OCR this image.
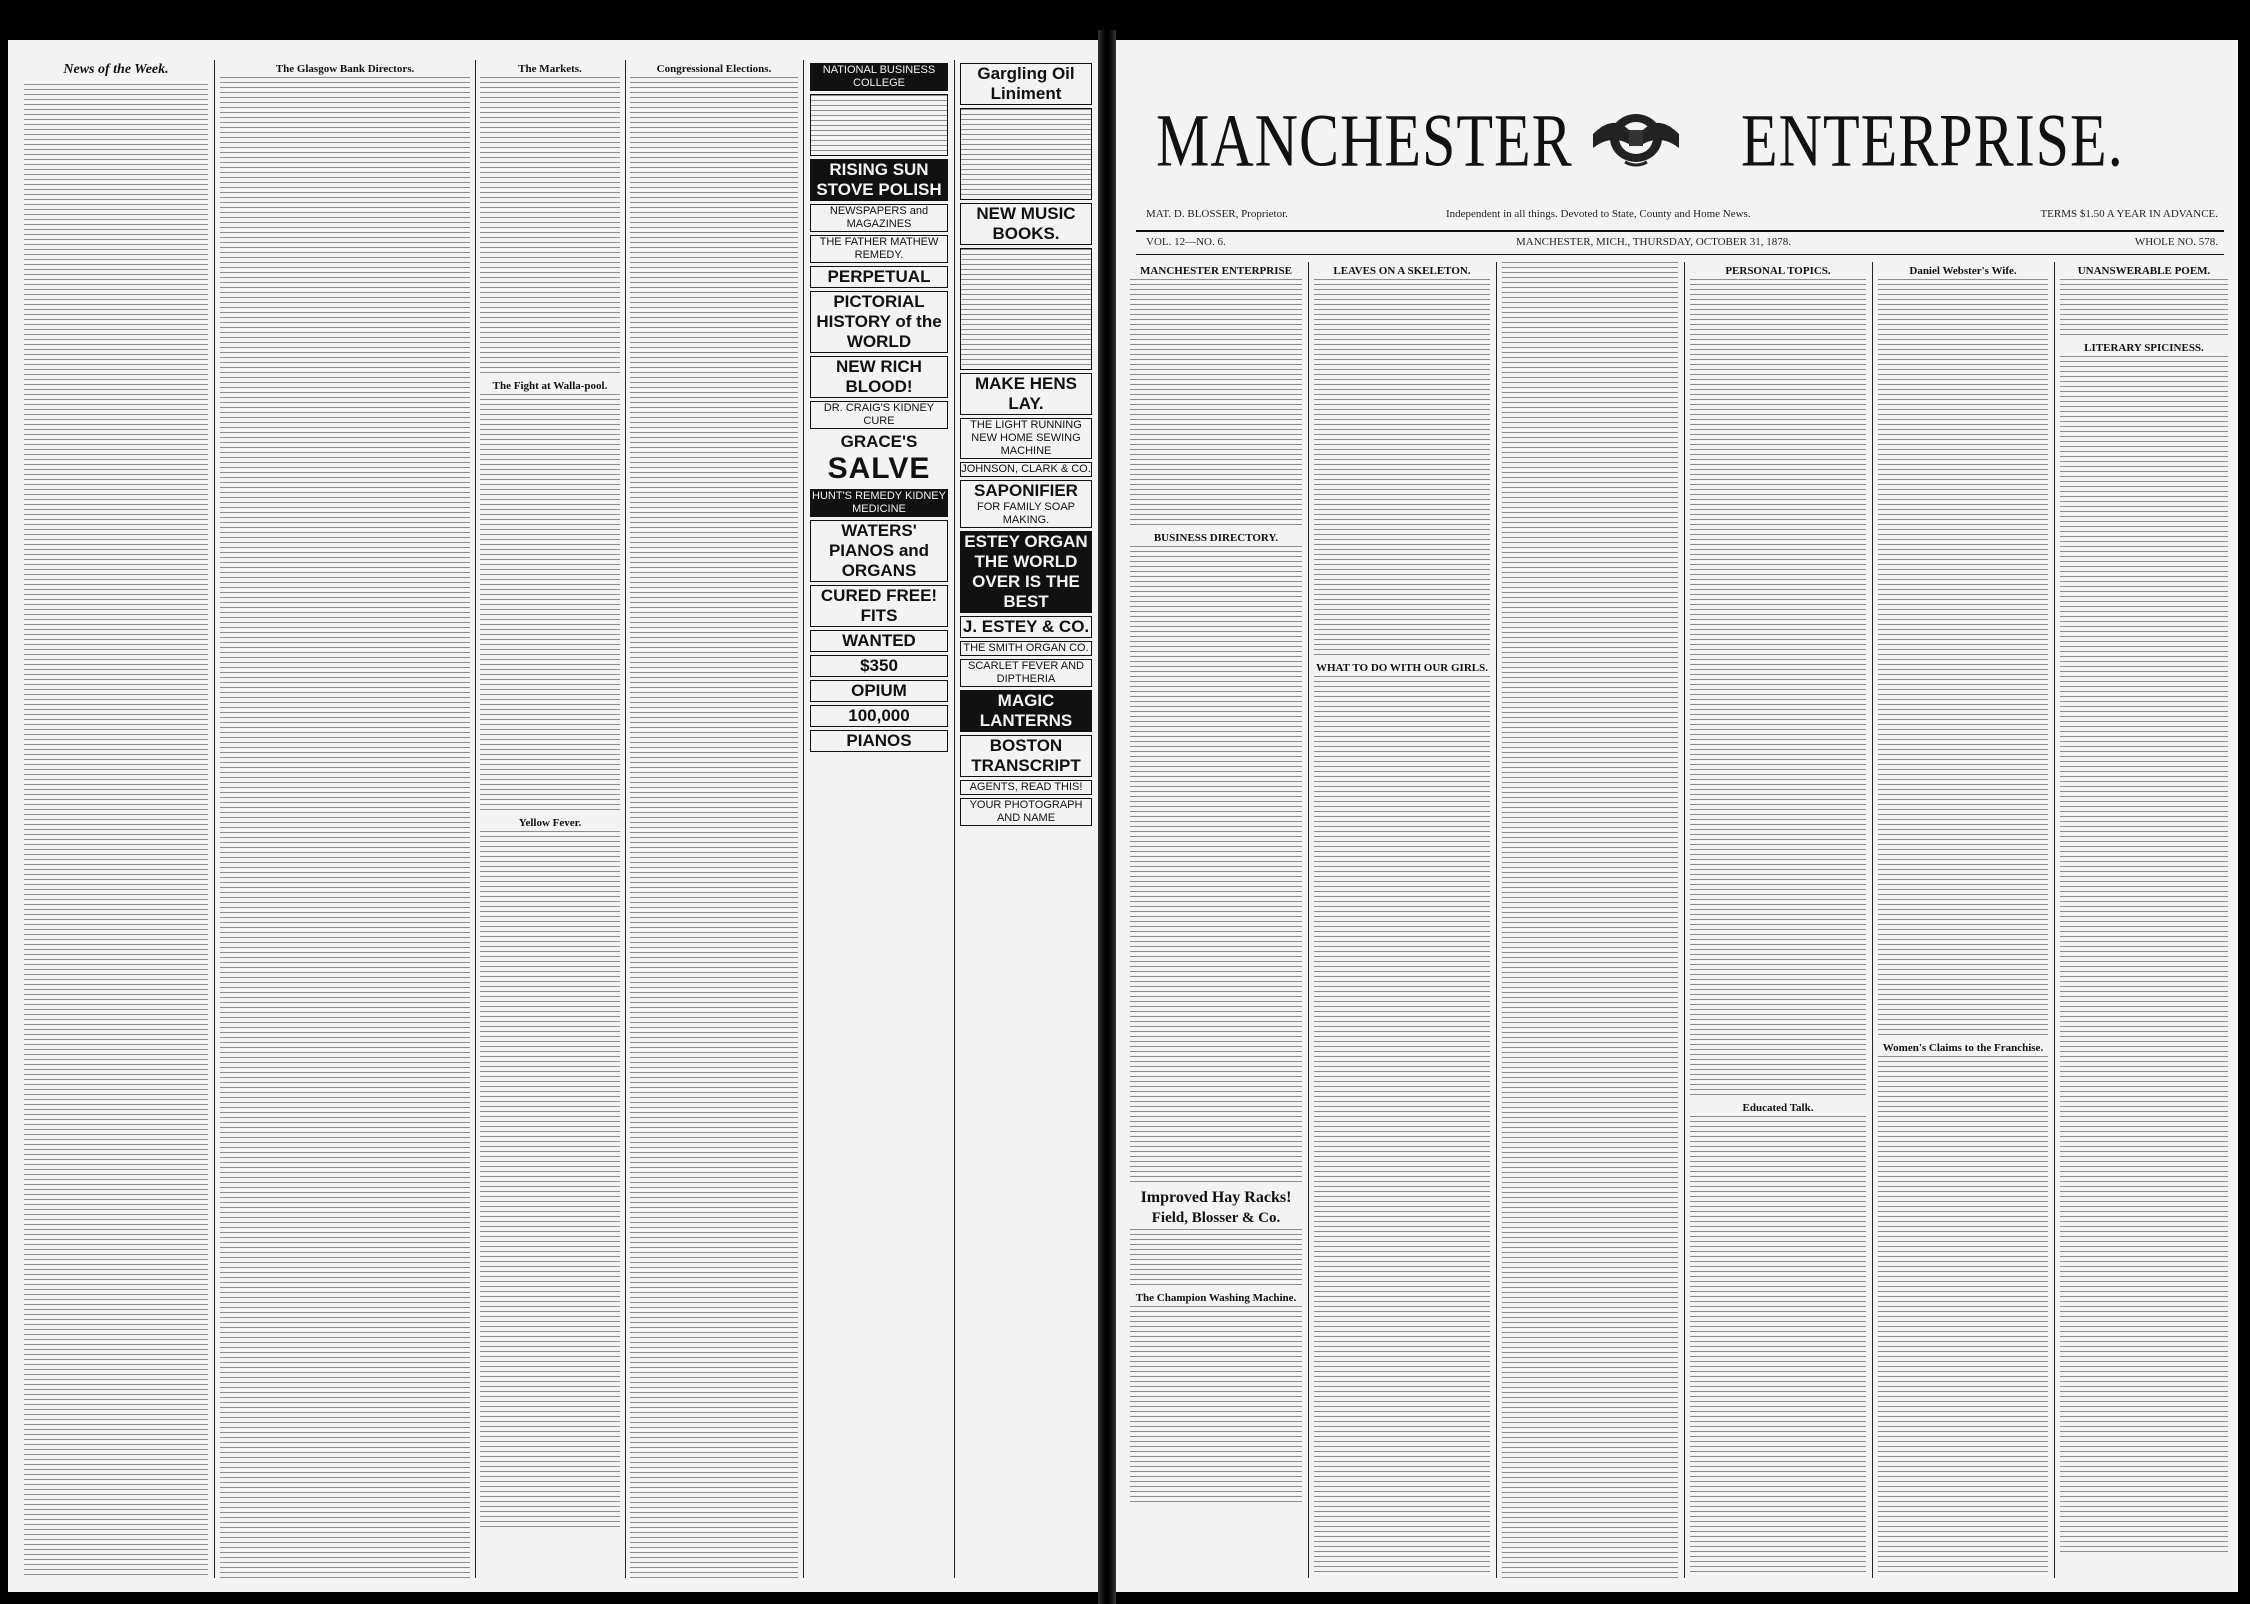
News of the Week.	The Glasgow Bank Directors.	The Markets.
The Fight at Walla-pool.
Yellow Fever.
Congressional Elections.	NATIONAL BUSINESS COLLEGE
RISING SUN STOVE POLISH
NEWSPAPERS and MAGAZINES
THE FATHER MATHEW REMEDY.
PERPETUAL
PICTORIAL HISTORY of the WORLD
NEW RICH BLOOD!
DR. CRAIG'S KIDNEY CURE
GRACE'S
SALVE
HUNT'S REMEDY KIDNEY MEDICINE
WATERS' PIANOS and ORGANS
CURED FREE! FITS
WANTED
$350
OPIUM
100,000
PIANOS
Gargling Oil Liniment
NEW MUSIC BOOKS.
MAKE HENS LAY.
THE LIGHT RUNNING NEW HOME SEWING MACHINE
JOHNSON, CLARK & CO.
SAPONIFIER
FOR FAMILY SOAP MAKING.
ESTEY ORGAN THE WORLD OVER IS THE BEST
J. ESTEY & CO.
THE SMITH ORGAN CO.
SCARLET FEVER AND DIPTHERIA
MAGIC LANTERNS
BOSTON TRANSCRIPT
AGENTS, READ THIS!
YOUR PHOTOGRAPH AND NAME
MANCHESTER	ENTERPRISE.
MAT. D. BLOSSER, Proprietor.	Independent in all things. Devoted to State, County and Home News.	TERMS $1.50 A YEAR IN ADVANCE.
VOL. 12—NO. 6.	MANCHESTER, MICH., THURSDAY, OCTOBER 31, 1878.	WHOLE NO. 578.
MANCHESTER ENTERPRISE
BUSINESS DIRECTORY.
Improved Hay Racks!
Field, Blosser & Co.
The Champion Washing Machine.
LEAVES ON A SKELETON.
WHAT TO DO WITH OUR GIRLS.
PERSONAL TOPICS.
Educated Talk.
Daniel Webster's Wife.
Women's Claims to the Franchise.
UNANSWERABLE POEM.
LITERARY SPICINESS.
